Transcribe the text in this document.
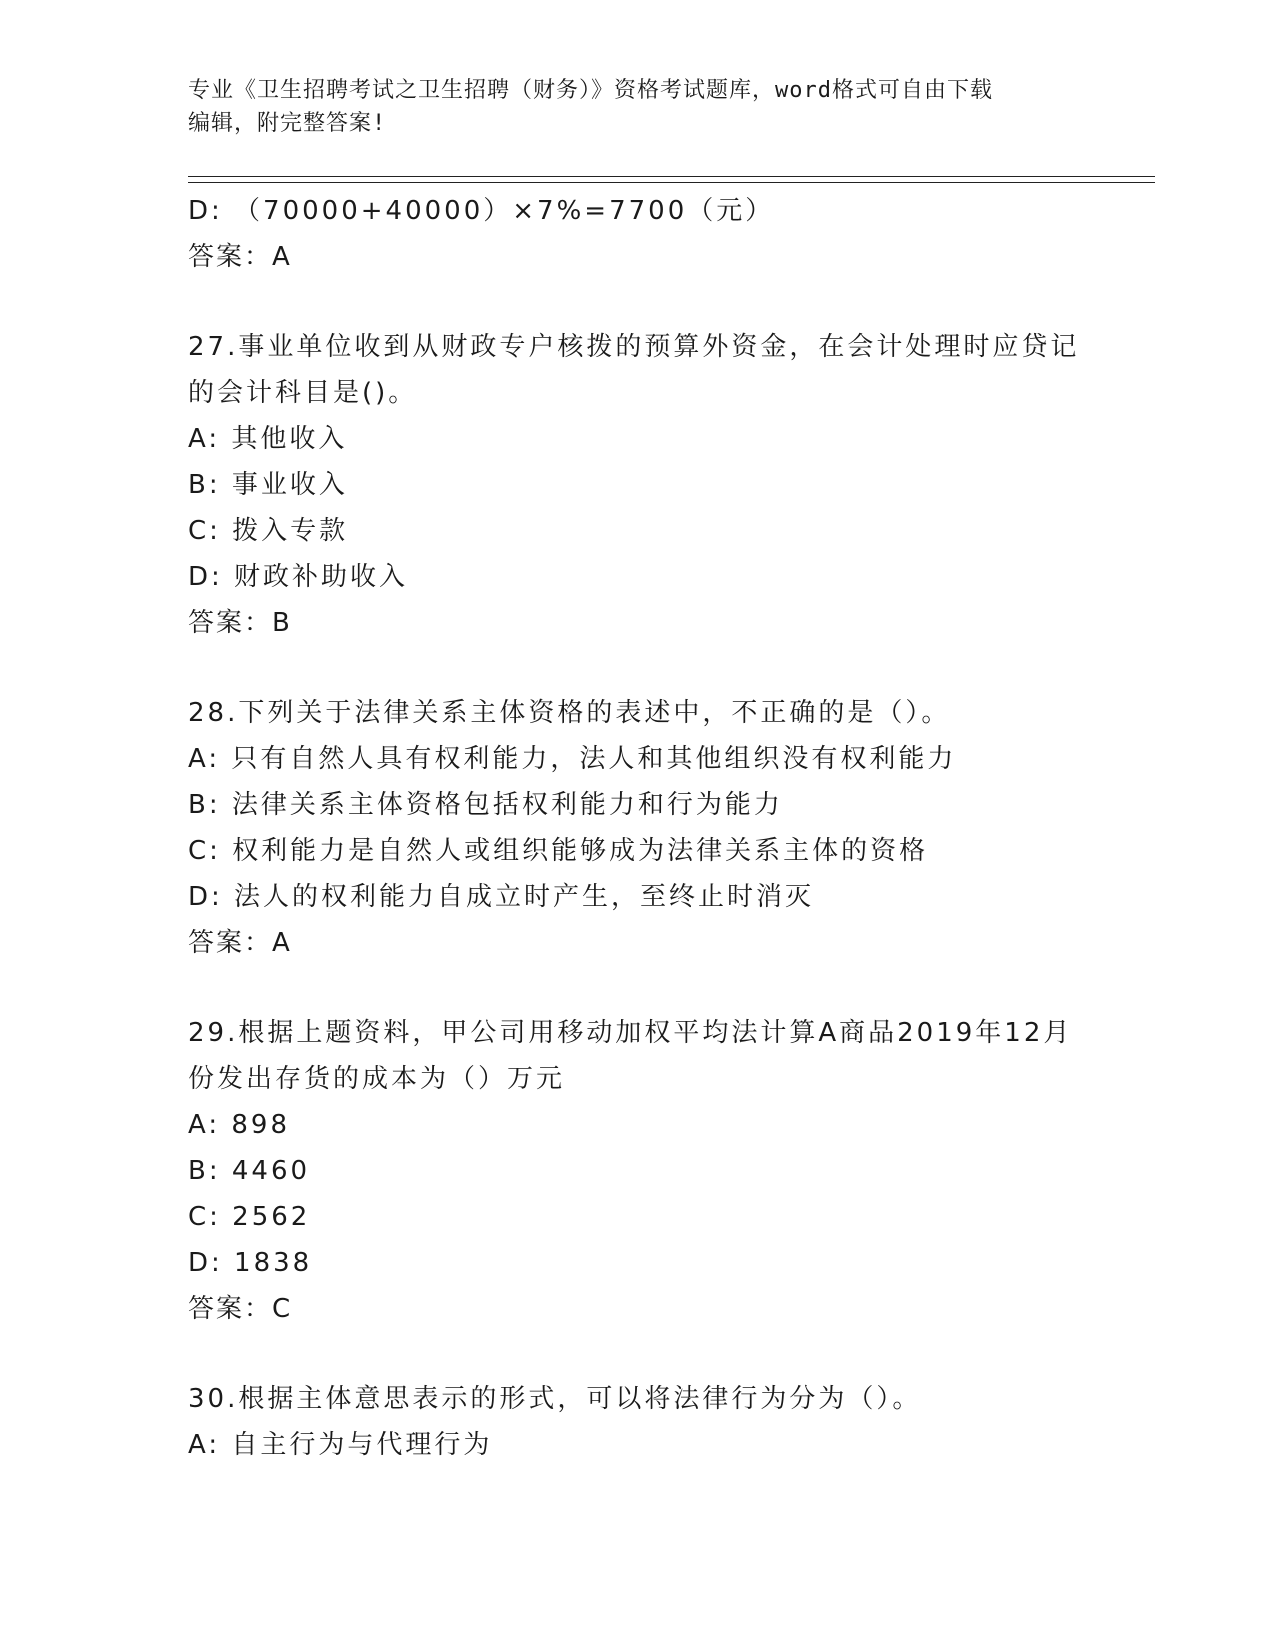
专业《卫生招聘考试之卫生招聘（财务）》资格考试题库，word格式可自由下载
编辑，附完整答案!
D: （70000+40000）×7%=7700（元）
答案：A
27.事业单位收到从财政专户核拨的预算外资金，在会计处理时应贷记
的会计科目是()。
A: 其他收入
B: 事业收入
C: 拨入专款
D: 财政补助收入
答案：B
28.下列关于法律关系主体资格的表述中，不正确的是（）。
A: 只有自然人具有权利能力，法人和其他组织没有权利能力
B: 法律关系主体资格包括权利能力和行为能力
C: 权利能力是自然人或组织能够成为法律关系主体的资格
D: 法人的权利能力自成立时产生，至终止时消灭
答案：A
29.根据上题资料，甲公司用移动加权平均法计算A商品2019年12月
份发出存货的成本为（）万元
A: 898
B: 4460
C: 2562
D: 1838
答案：C
30.根据主体意思表示的形式，可以将法律行为分为（）。
A: 自主行为与代理行为
